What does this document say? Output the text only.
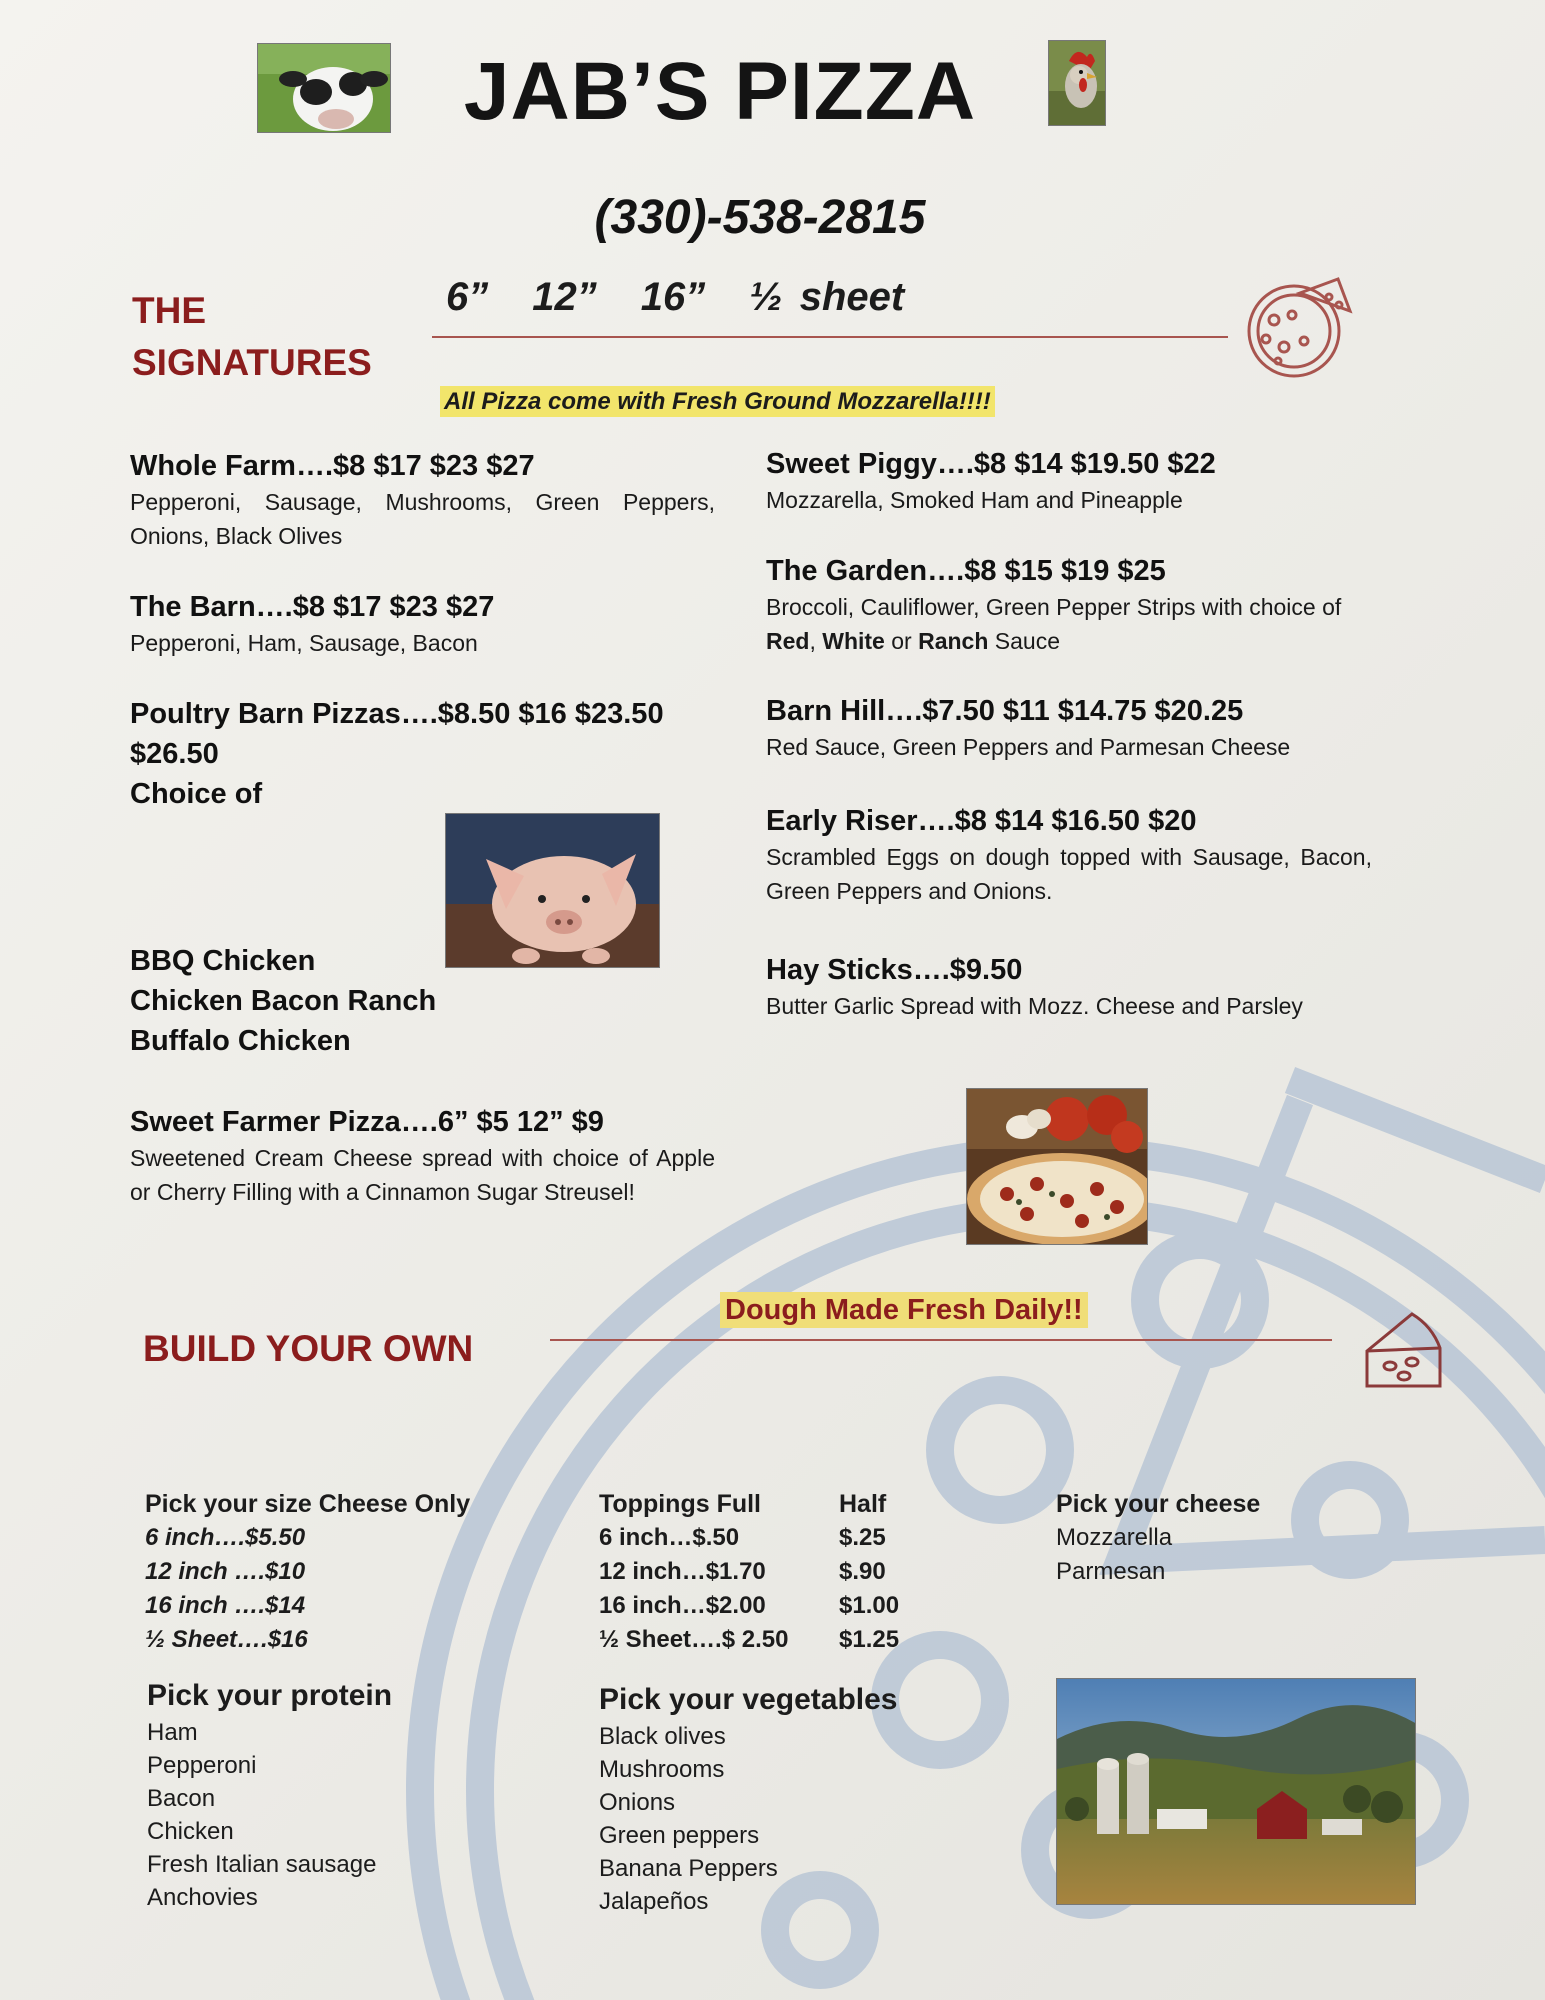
JAB’S PIZZA
(330)-538-2815
THE
SIGNATURES
6” 12” 16” ½ sheet
All Pizza come with Fresh Ground Mozzarella!!!!
Whole Farm….$8 $17 $23 $27
Pepperoni, Sausage, Mushrooms, Green Peppers, Onions, Black Olives
The Barn….$8 $17 $23 $27
Pepperoni, Ham, Sausage, Bacon
Poultry Barn Pizzas….$8.50 $16 $23.50 $26.50
Choice of
BBQ Chicken
Chicken Bacon Ranch
Buffalo Chicken
Sweet Farmer Pizza….6” $5 12” $9
Sweetened Cream Cheese spread with choice of Apple or Cherry Filling with a Cinnamon Sugar Streusel!
Sweet Piggy….$8 $14 $19.50 $22
Mozzarella, Smoked Ham and Pineapple
The Garden….$8 $15 $19 $25
Broccoli, Cauliflower, Green Pepper Strips with choice of Red, White or Ranch Sauce
Barn Hill….$7.50 $11 $14.75 $20.25
Red Sauce, Green Peppers and Parmesan Cheese
Early Riser….$8 $14 $16.50 $20
Scrambled Eggs on dough topped with Sausage, Bacon, Green Peppers and Onions.
Hay Sticks….$9.50
Butter Garlic Spread with Mozz. Cheese and Parsley
Dough Made Fresh Daily!!
BUILD YOUR OWN
Pick your size Cheese Only
6 inch….$5.50
12 inch ….$10
16 inch ….$14
½ Sheet….$16
Toppings Full	Half
6 inch…$.50	$.25
12 inch…$1.70	$.90
16 inch…$2.00	$1.00
½ Sheet….$ 2.50 $1.25
Pick your cheese
Mozzarella
Parmesan
Pick your protein
Ham
Pepperoni
Bacon
Chicken
Fresh Italian sausage
Anchovies
Pick your vegetables
Black olives
Mushrooms
Onions
Green peppers
Banana Peppers
Jalapeños
